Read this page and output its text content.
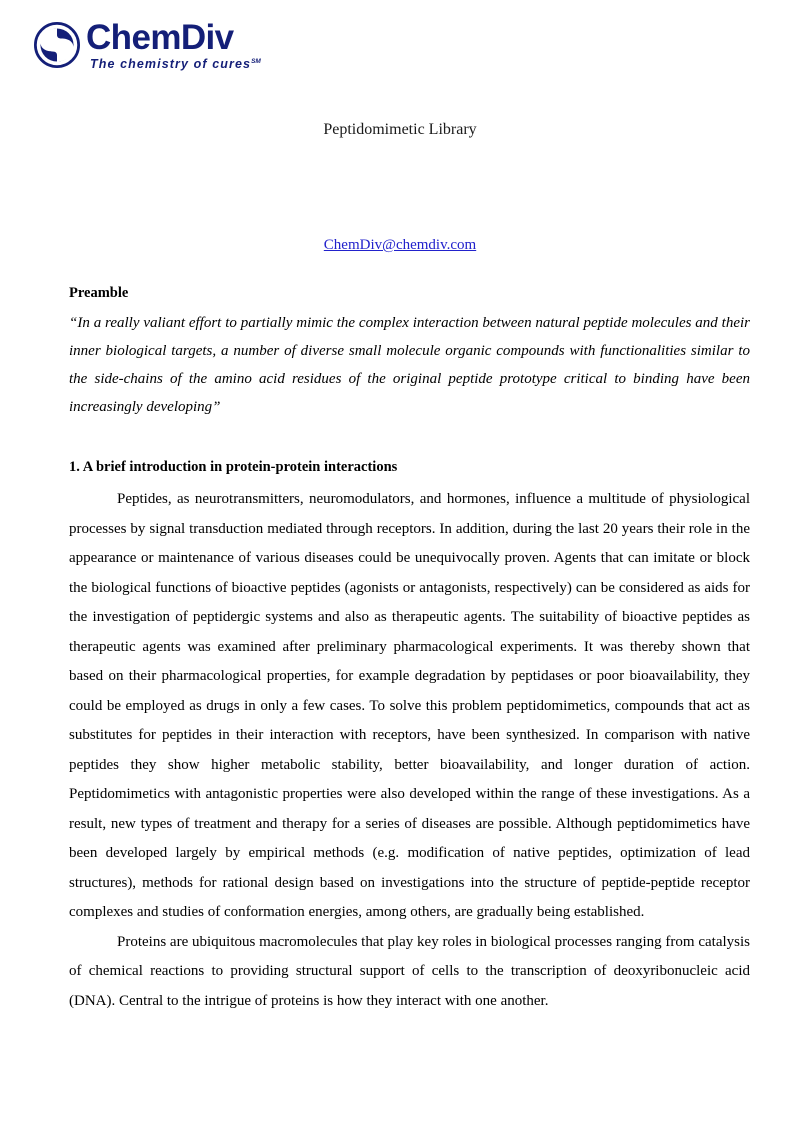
ChemDiv
The chemistry of cures℠
Peptidomimetic Library
ChemDiv@chemdiv.com
Preamble

“In a really valiant effort to partially mimic the complex interaction between natural peptide molecules and their inner biological targets, a number of diverse small molecule organic compounds with functionalities similar to the side-chains of the amino acid residues of the original peptide prototype critical to binding have been increasingly developing”

1. A brief introduction in protein-protein interactions

Peptides, as neurotransmitters, neuromodulators, and hormones, influence a multitude of physiological processes by signal transduction mediated through receptors. In addition, during the last 20 years their role in the appearance or maintenance of various diseases could be unequivocally proven. Agents that can imitate or block the biological functions of bioactive peptides (agonists or antagonists, respectively) can be considered as aids for the investigation of peptidergic systems and also as therapeutic agents. The suitability of bioactive peptides as therapeutic agents was examined after preliminary pharmacological experiments. It was thereby shown that based on their pharmacological properties, for example degradation by peptidases or poor bioavailability, they could be employed as drugs in only a few cases. To solve this problem peptidomimetics, compounds that act as substitutes for peptides in their interaction with receptors, have been synthesized. In comparison with native peptides they show higher metabolic stability, better bioavailability, and longer duration of action. Peptidomimetics with antagonistic properties were also developed within the range of these investigations. As a result, new types of treatment and therapy for a series of diseases are possible. Although peptidomimetics have been developed largely by empirical methods (e.g. modification of native peptides, optimization of lead structures), methods for rational design based on investigations into the structure of peptide-peptide receptor complexes and studies of conformation energies, among others, are gradually being established.

Proteins are ubiquitous macromolecules that play key roles in biological processes ranging from catalysis of chemical reactions to providing structural support of cells to the transcription of deoxyribonucleic acid (DNA). Central to the intrigue of proteins is how they interact with one another.
